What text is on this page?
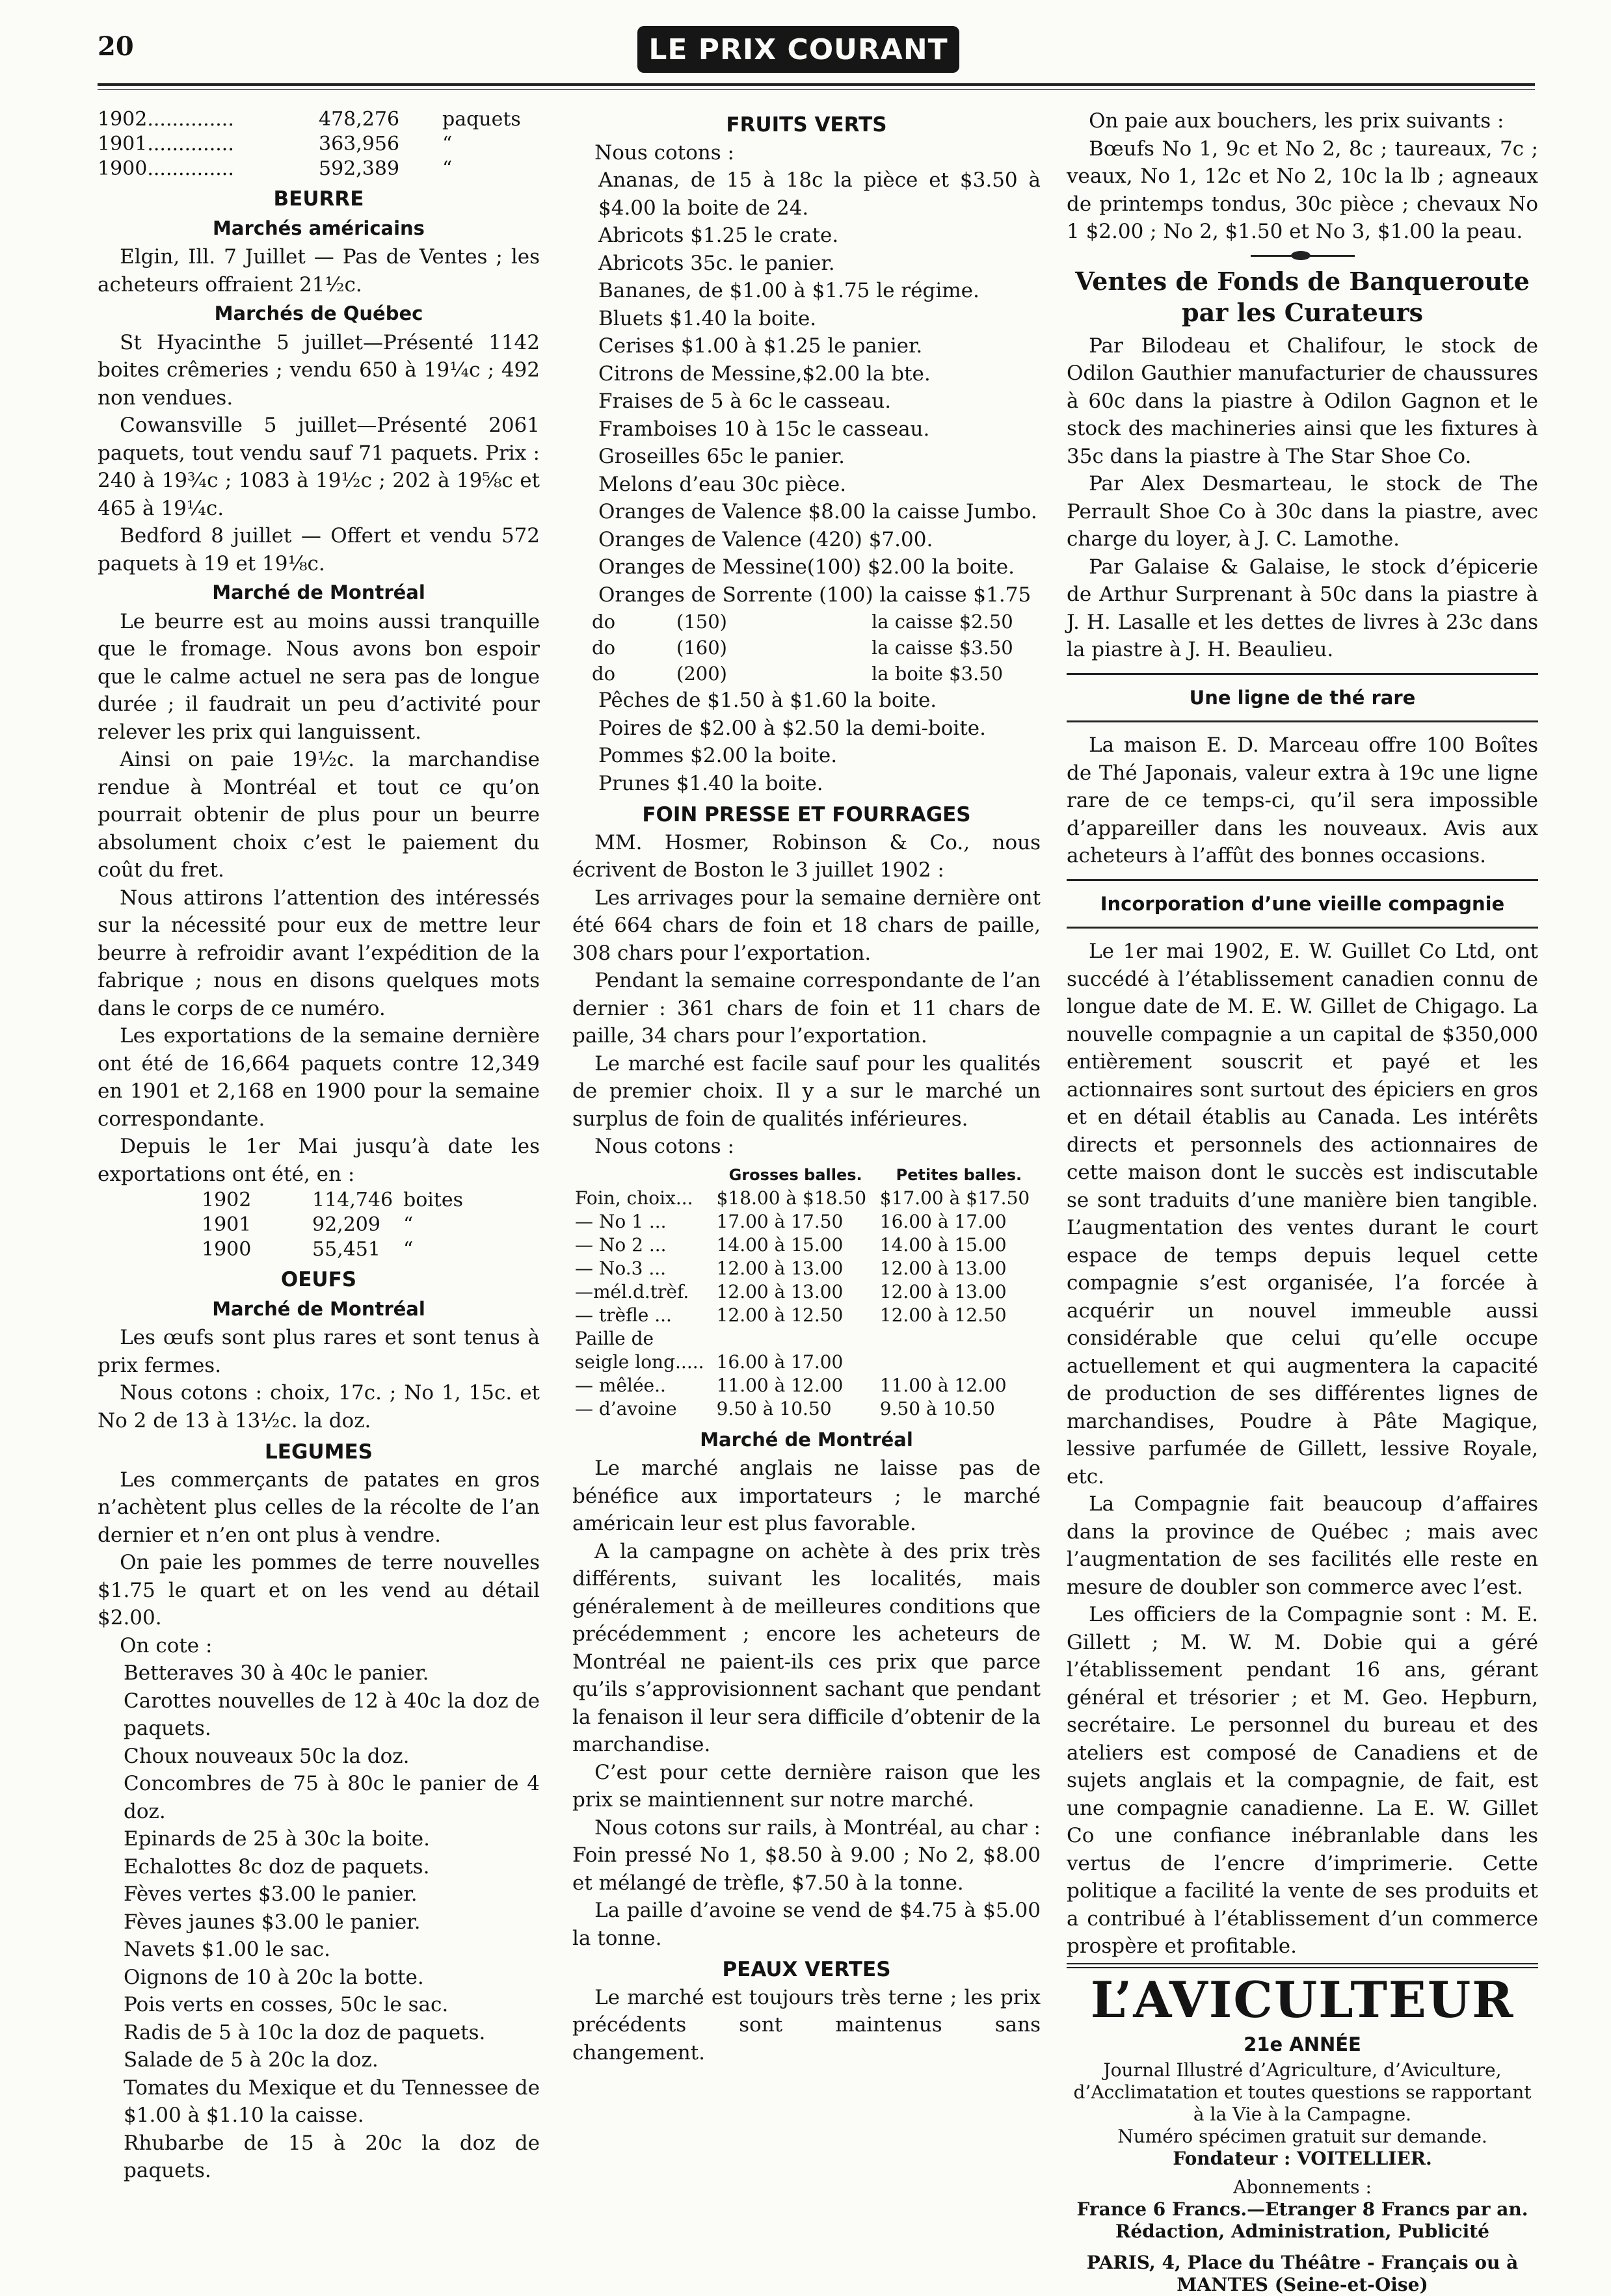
20	LE PRIX COURANT
1902..............	478,276	paquets
1901..............	363,956	“
1900..............	592,389	“
BEURRE
Marchés américains

Elgin, Ill. 7 Juillet — Pas de Ventes ; les acheteurs offraient 21½c.

Marchés de Québec

St Hyacinthe 5 juillet—Présenté 1142 boites crêmeries ; vendu 650 à 19¼c ; 492 non vendues.

Cowansville 5 juillet—Présenté 2061 paquets, tout vendu sauf 71 paquets. Prix : 240 à 19¾c ; 1083 à 19½c ; 202 à 19⅝c et 465 à 19¼c.

Bedford 8 juillet — Offert et vendu 572 paquets à 19 et 19⅛c.

Marché de Montréal

Le beurre est au moins aussi tranquille que le fromage. Nous avons bon espoir que le calme actuel ne sera pas de longue durée ; il faudrait un peu d’activité pour relever les prix qui languissent.

Ainsi on paie 19½c. la marchandise rendue à Montréal et tout ce qu’on pourrait obtenir de plus pour un beurre absolument choix c’est le paiement du coût du fret.

Nous attirons l’attention des intéressés sur la nécessité pour eux de mettre leur beurre à refroidir avant l’expédition de la fabrique ; nous en disons quelques mots dans le corps de ce numéro.

Les exportations de la semaine dernière ont été de 16,664 paquets contre 12,349 en 1901 et 2,168 en 1900 pour la semaine correspondante.

Depuis le 1er Mai jusqu’à date les exportations ont été, en :

1902	114,746 boites
1901	92,209	“
1900	55,451	“
OEUFS
Marché de Montréal

Les œufs sont plus rares et sont tenus à prix fermes.

Nous cotons : choix, 17c. ; No 1, 15c. et No 2 de 13 à 13½c. la doz.

LEGUMES

Les commerçants de patates en gros n’achètent plus celles de la récolte de l’an dernier et n’en ont plus à vendre.

On paie les pommes de terre nouvelles $1.75 le quart et on les vend au détail $2.00.

On cote :

Betteraves 30 à 40c le panier.
Carottes nouvelles de 12 à 40c la doz de paquets.
Choux nouveaux 50c la doz.
Concombres de 75 à 80c le panier de 4 doz.
Epinards de 25 à 30c la boite.
Echalottes 8c doz de paquets.
Fèves vertes $3.00 le panier.
Fèves jaunes $3.00 le panier.
Navets $1.00 le sac.
Oignons de 10 à 20c la botte.
Pois verts en cosses, 50c le sac.
Radis de 5 à 10c la doz de paquets.
Salade de 5 à 20c la doz.
Tomates du Mexique et du Tennessee de $1.00 à $1.10 la caisse.
Rhubarbe de 15 à 20c la doz de paquets.
FRUITS VERTS

Nous cotons :

Ananas, de 15 à 18c la pièce et $3.50 à $4.00 la boite de 24.
Abricots $1.25 le crate.
Abricots 35c. le panier.
Bananes, de $1.00 à $1.75 le régime.
Bluets $1.40 la boite.
Cerises $1.00 à $1.25 le panier.
Citrons de Messine,$2.00 la bte.
Fraises de 5 à 6c le casseau.
Framboises 10 à 15c le casseau.
Groseilles 65c le panier.
Melons d’eau 30c pièce.
Oranges de Valence $8.00 la caisse Jumbo.
Oranges de Valence (420) $7.00.
Oranges de Messine(100) $2.00 la boite.
Oranges de Sorrente (100) la caisse $1.75
do	(150)	la caisse $2.50
do	(160)	la caisse $3.50
do	(200)	la boite $3.50
Pêches de $1.50 à $1.60 la boite.
Poires de $2.00 à $2.50 la demi-boite.
Pommes $2.00 la boite.
Prunes $1.40 la boite.
FOIN PRESSE ET FOURRAGES

MM. Hosmer, Robinson & Co., nous écrivent de Boston le 3 juillet 1902 :

Les arrivages pour la semaine dernière ont été 664 chars de foin et 18 chars de paille, 308 chars pour l’exportation.

Pendant la semaine correspondante de l’an dernier : 361 chars de foin et 11 chars de paille, 34 chars pour l’exportation.

Le marché est facile sauf pour les qualités de premier choix. Il y a sur le marché un surplus de foin de qualités inférieures.

Nous cotons :

	Grosses balles.	Petites balles.
Foin, choix...	$18.00 à $18.50	$17.00 à $17.50
— No 1 ...	17.00 à 17.50	16.00 à 17.00
— No 2 ...	14.00 à 15.00	14.00 à 15.00
— No.3 ...	12.00 à 13.00	12.00 à 13.00
—mél.d.trèf.	12.00 à 13.00	12.00 à 13.00
— trèfle ...	12.00 à 12.50	12.00 à 12.50
Paille de		
seigle long.....	16.00 à 17.00	
— mêlée..	11.00 à 12.00	11.00 à 12.00
— d’avoine	9.50 à 10.50	9.50 à 10.50
Marché de Montréal

Le marché anglais ne laisse pas de bénéfice aux importateurs ; le marché américain leur est plus favorable.

A la campagne on achète à des prix très différents, suivant les localités, mais généralement à de meilleures conditions que précédemment ; encore les acheteurs de Montréal ne paient-ils ces prix que parce qu’ils s’approvisionnent sachant que pendant la fenaison il leur sera difficile d’obtenir de la marchandise.

C’est pour cette dernière raison que les prix se maintiennent sur notre marché.

Nous cotons sur rails, à Montréal, au char : Foin pressé No 1, $8.50 à 9.00 ; No 2, $8.00 et mélangé de trèfle, $7.50 à la tonne.

La paille d’avoine se vend de $4.75 à $5.00 la tonne.

PEAUX VERTES

Le marché est toujours très terne ; les prix précédents sont maintenus sans changement.

On paie aux bouchers, les prix suivants :

Bœufs No 1, 9c et No 2, 8c ; taureaux, 7c ; veaux, No 1, 12c et No 2, 10c la lb ; agneaux de printemps tondus, 30c pièce ; chevaux No 1 $2.00 ; No 2, $1.50 et No 3, $1.00 la peau.

Ventes de Fonds de Banqueroute par les Curateurs

Par Bilodeau et Chalifour, le stock de Odilon Gauthier manufacturier de chaussures à 60c dans la piastre à Odilon Gagnon et le stock des machineries ainsi que les fixtures à 35c dans la piastre à The Star Shoe Co.

Par Alex Desmarteau, le stock de The Perrault Shoe Co à 30c dans la piastre, avec charge du loyer, à J. C. Lamothe.

Par Galaise & Galaise, le stock d’épicerie de Arthur Surprenant à 50c dans la piastre à J. H. Lasalle et les dettes de livres à 23c dans la piastre à J. H. Beaulieu.

Une ligne de thé rare

La maison E. D. Marceau offre 100 Boîtes de Thé Japonais, valeur extra à 19c une ligne rare de ce temps-ci, qu’il sera impossible d’appareiller dans les nouveaux. Avis aux acheteurs à l’affût des bonnes occasions.

Incorporation d’une vieille compagnie

Le 1er mai 1902, E. W. Guillet Co Ltd, ont succédé à l’établissement canadien connu de longue date de M. E. W. Gillet de Chigago. La nouvelle compagnie a un capital de $350,000 entièrement souscrit et payé et les actionnaires sont surtout des épiciers en gros et en détail établis au Canada. Les intérêts directs et personnels des actionnaires de cette maison dont le succès est indiscutable se sont traduits d’une manière bien tangible. L’augmentation des ventes durant le court espace de temps depuis lequel cette compagnie s’est organisée, l’a forcée à acquérir un nouvel immeuble aussi considérable que celui qu’elle occupe actuellement et qui augmentera la capacité de production de ses différentes lignes de marchandises, Poudre à Pâte Magique, lessive parfumée de Gillett, lessive Royale, etc.

La Compagnie fait beaucoup d’affaires dans la province de Québec ; mais avec l’augmentation de ses facilités elle reste en mesure de doubler son commerce avec l’est.

Les officiers de la Compagnie sont : M. E. Gillett ; M. W. M. Dobie qui a géré l’établissement pendant 16 ans, gérant général et trésorier ; et M. Geo. Hepburn, secrétaire. Le personnel du bureau et des ateliers est composé de Canadiens et de sujets anglais et la compagnie, de fait, est une compagnie canadienne. La E. W. Gillet Co une confiance inébranlable dans les vertus de l’encre d’imprimerie. Cette politique a facilité la vente de ses produits et a contribué à l’établissement d’un commerce prospère et profitable.

L’AVICULTEUR
21e ANNÉE

Journal Illustré d’Agriculture, d’Aviculture, d’Acclimatation et toutes questions se rapportant à la Vie à la Campagne.

Numéro spécimen gratuit sur demande.

Fondateur : VOITELLIER.

Abonnements :

France 6 Francs.—Etranger 8 Francs par an.

Rédaction, Administration, Publicité

PARIS, 4, Place du Théâtre - Français ou à MANTES (Seine-et-Oise)
